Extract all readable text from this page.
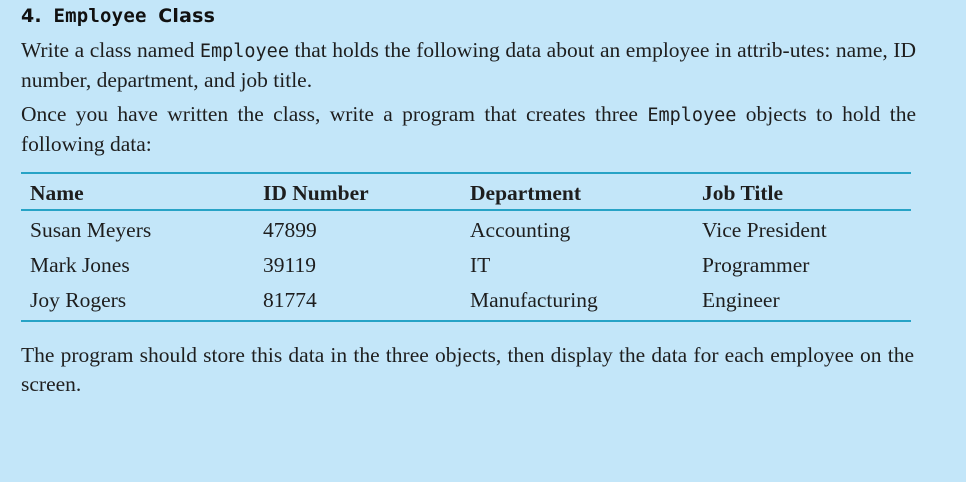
4. Employee Class
Write a class named Employee that holds the following data about an employee in attrib-utes: name, ID number, department, and job title.
Once you have written the class, write a program that creates three Employee objects to hold the following data:
Name	ID Number	Department	Job Title
Susan Meyers	47899	Accounting	Vice President
Mark Jones	39119	IT	Programmer
Joy Rogers	81774	Manufacturing	Engineer
The program should store this data in the three objects, then display the data for each employee on the screen.
